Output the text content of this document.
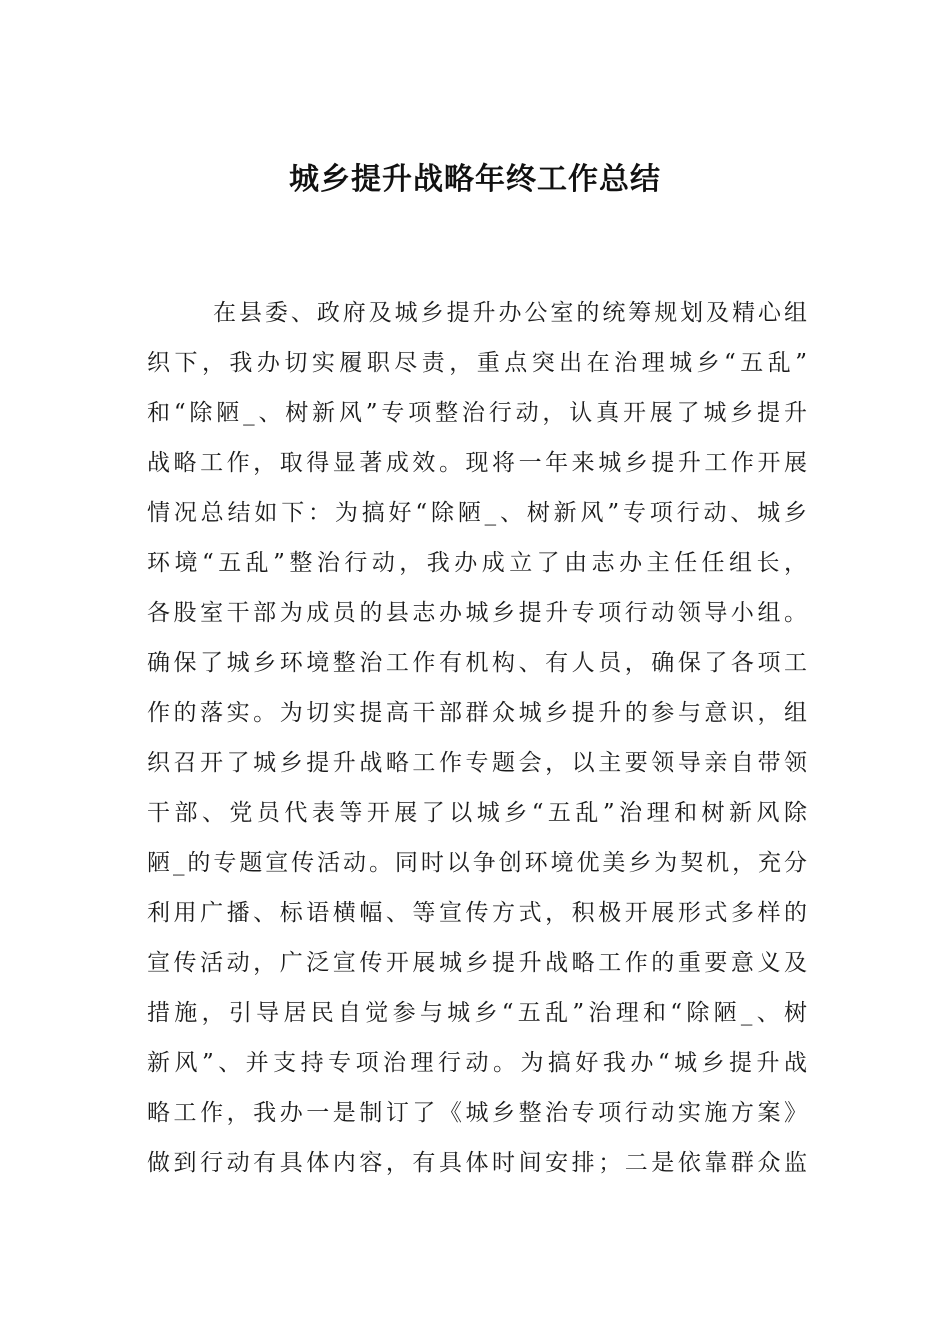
城乡提升战略年终工作总结
在县委、政府及城乡提升办公室的统筹规划及精心组
织下，我办切实履职尽责，重点突出在治理城乡“五乱”
和“除陋_、树新风”专项整治行动，认真开展了城乡提升
战略工作，取得显著成效。现将一年来城乡提升工作开展
情况总结如下：为搞好“除陋_、树新风”专项行动、城乡
环境“五乱”整治行动，我办成立了由志办主任任组长，
各股室干部为成员的县志办城乡提升专项行动领导小组。
确保了城乡环境整治工作有机构、有人员，确保了各项工
作的落实。为切实提高干部群众城乡提升的参与意识，组
织召开了城乡提升战略工作专题会，以主要领导亲自带领
干部、党员代表等开展了以城乡“五乱”治理和树新风除
陋_的专题宣传活动。同时以争创环境优美乡为契机，充分
利用广播、标语横幅、等宣传方式，积极开展形式多样的
宣传活动，广泛宣传开展城乡提升战略工作的重要意义及
措施，引导居民自觉参与城乡“五乱”治理和“除陋_、树
新风”、并支持专项治理行动。为搞好我办“城乡提升战
略工作，我办一是制订了《城乡整治专项行动实施方案》
做到行动有具体内容，有具体时间安排；二是依靠群众监
